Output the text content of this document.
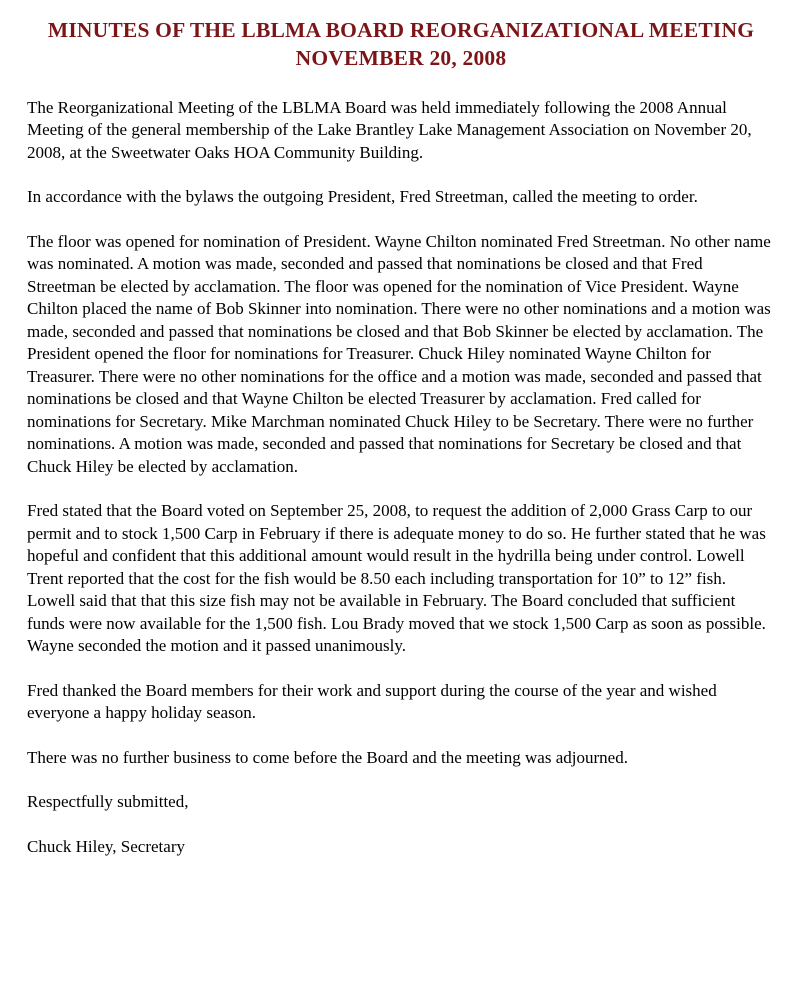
MINUTES OF THE LBLMA BOARD REORGANIZATIONAL MEETING
NOVEMBER 20, 2008

The Reorganizational Meeting of the LBLMA Board was held immediately following the 2008 Annual Meeting of the general membership of the Lake Brantley Lake Management Association on November 20, 2008, at the Sweetwater Oaks HOA Community Building.

In accordance with the bylaws the outgoing President, Fred Streetman, called the meeting to order.

The floor was opened for nomination of President. Wayne Chilton nominated Fred Streetman. No other name was nominated. A motion was made, seconded and passed that nominations be closed and that Fred Streetman be elected by acclamation. The floor was opened for the nomination of Vice President. Wayne Chilton placed the name of Bob Skinner into nomination. There were no other nominations and a motion was made, seconded and passed that nominations be closed and that Bob Skinner be elected by acclamation. The President opened the floor for nominations for Treasurer. Chuck Hiley nominated Wayne Chilton for Treasurer. There were no other nominations for the office and a motion was made, seconded and passed that nominations be closed and that Wayne Chilton be elected Treasurer by acclamation. Fred called for nominations for Secretary. Mike Marchman nominated Chuck Hiley to be Secretary. There were no further nominations. A motion was made, seconded and passed that nominations for Secretary be closed and that Chuck Hiley be elected by acclamation.

Fred stated that the Board voted on September 25, 2008, to request the addition of 2,000 Grass Carp to our permit and to stock 1,500 Carp in February if there is adequate money to do so. He further stated that he was hopeful and confident that this additional amount would result in the hydrilla being under control. Lowell Trent reported that the cost for the fish would be 8.50 each including transportation for 10” to 12” fish. Lowell said that that this size fish may not be available in February. The Board concluded that sufficient funds were now available for the 1,500 fish. Lou Brady moved that we stock 1,500 Carp as soon as possible. Wayne seconded the motion and it passed unanimously.

Fred thanked the Board members for their work and support during the course of the year and wished everyone a happy holiday season.

There was no further business to come before the Board and the meeting was adjourned.

Respectfully submitted,

Chuck Hiley, Secretary
